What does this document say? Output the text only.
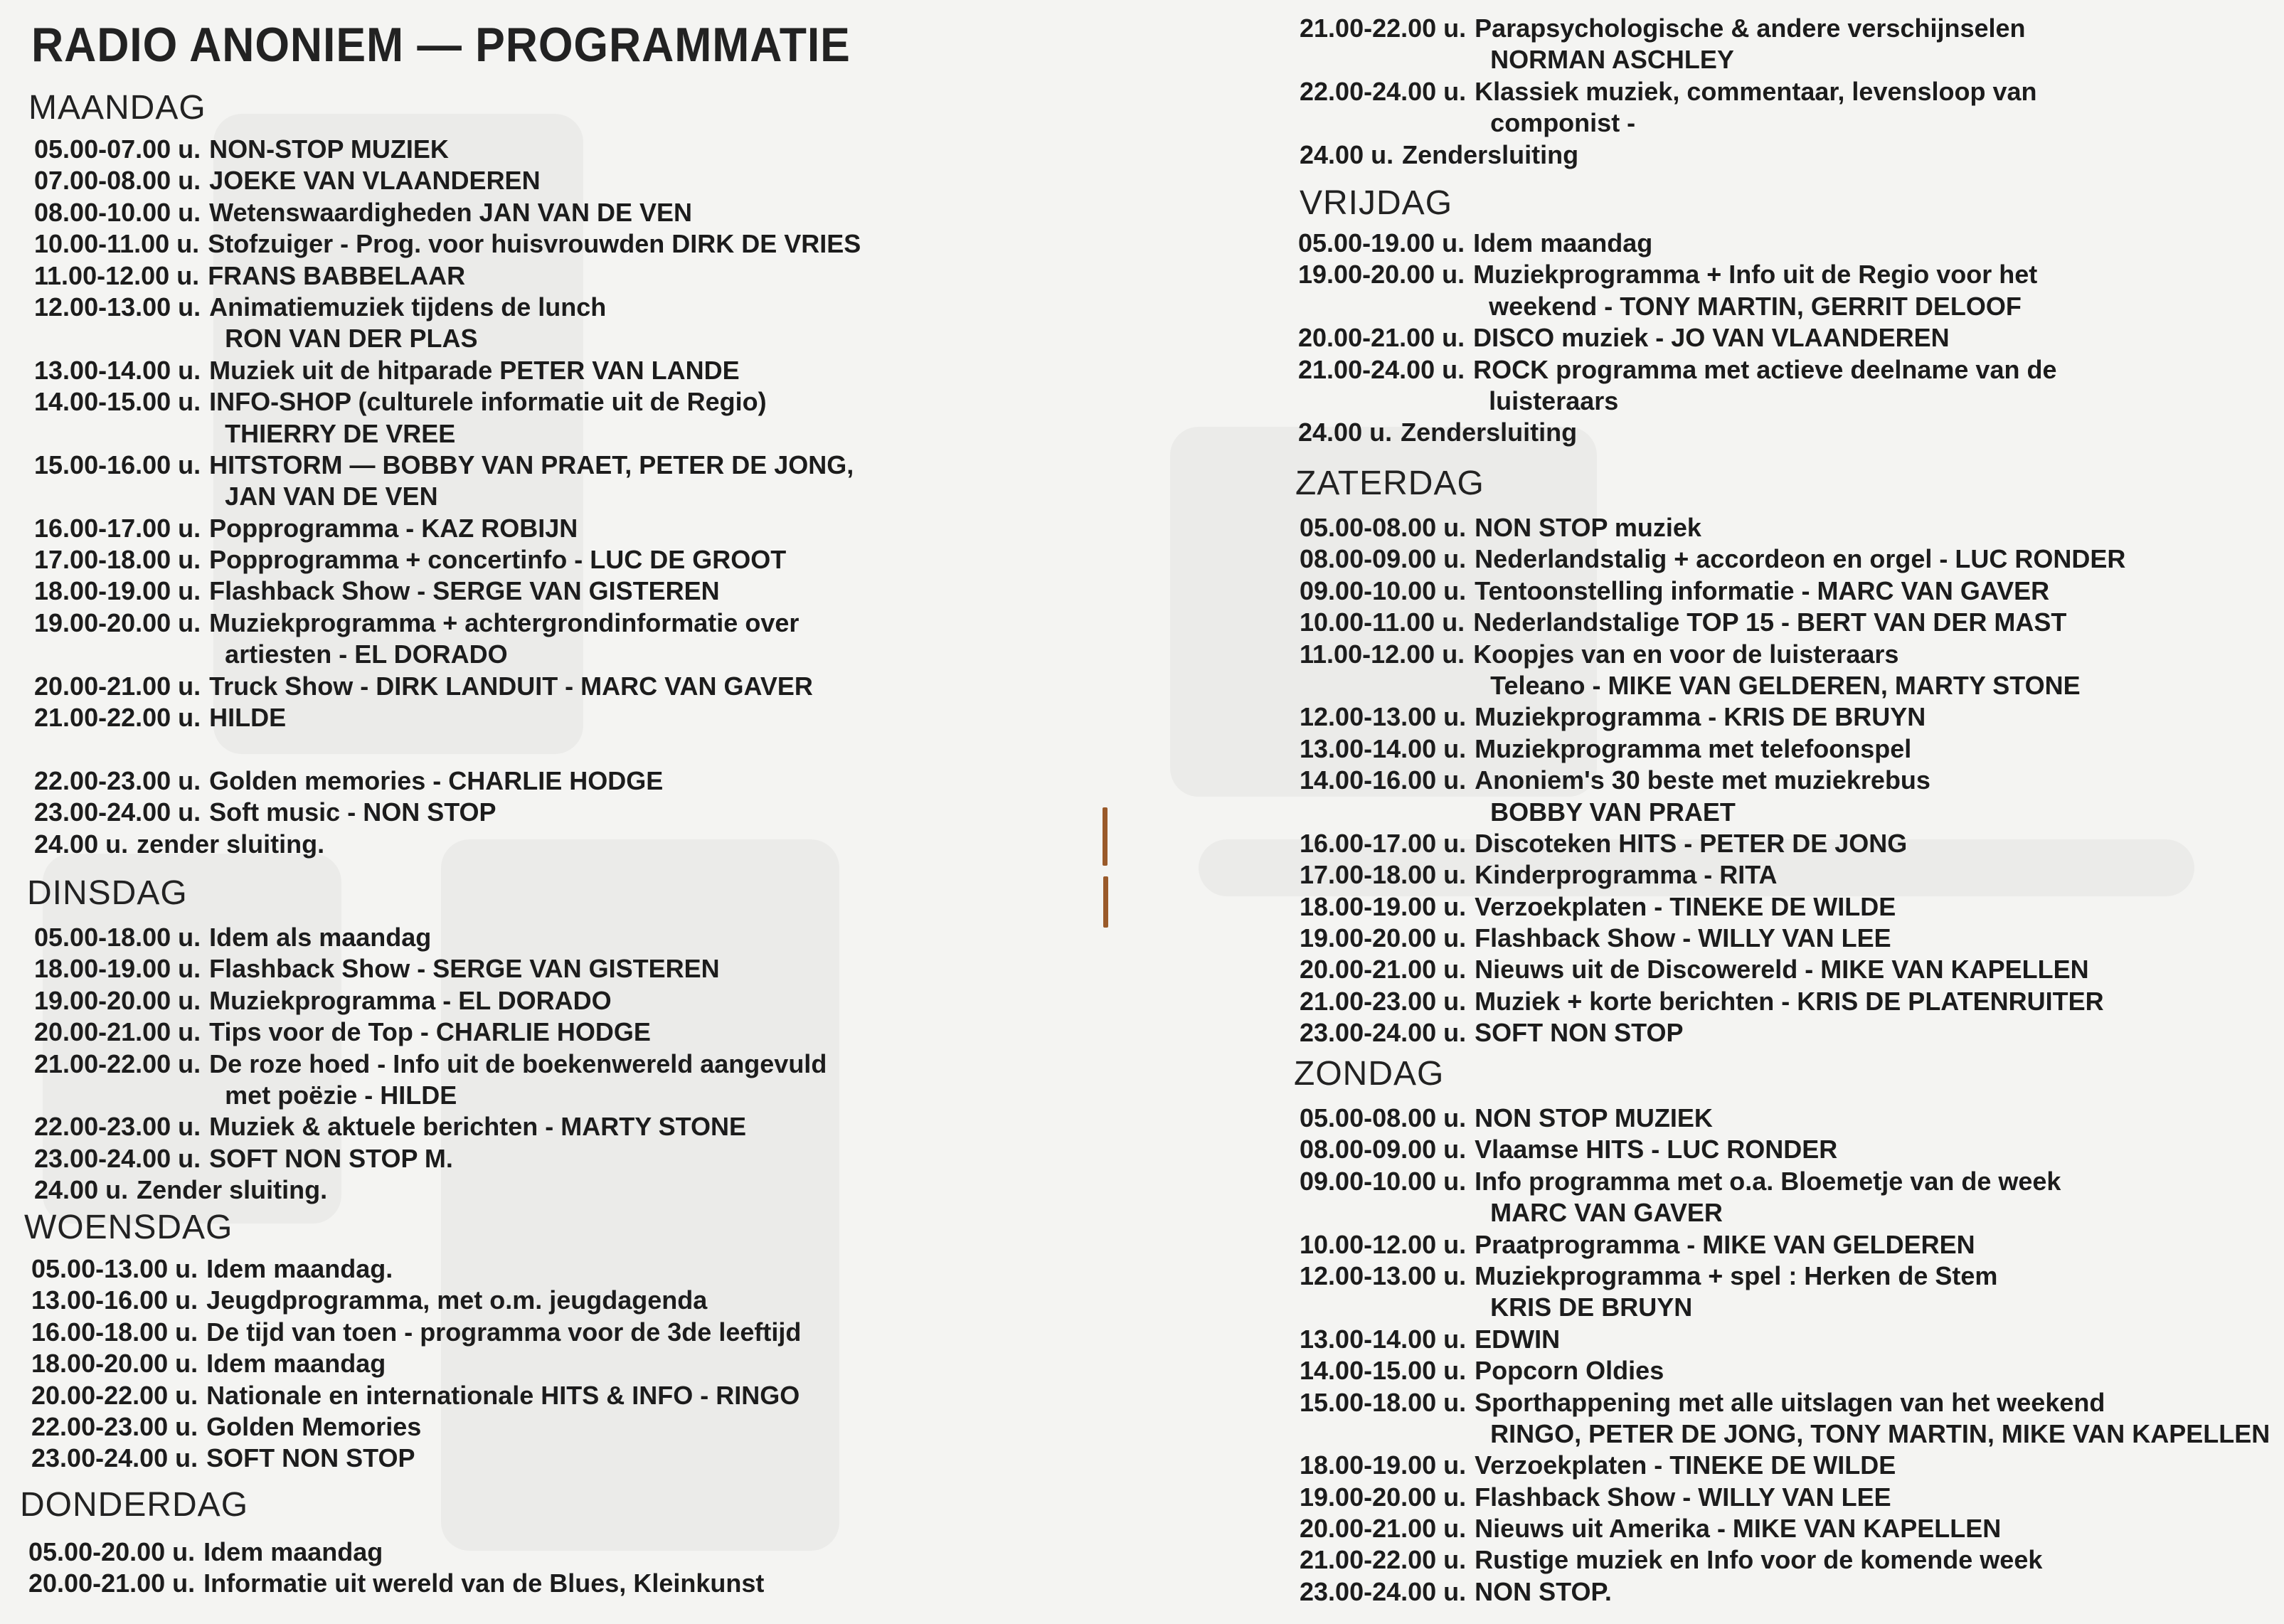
RADIO ANONIEM — PROGRAMMATIE
MAANDAG
05.00-07.00 u. NON-STOP MUZIEK
07.00-08.00 u. JOEKE VAN VLAANDEREN
08.00-10.00 u. Wetenswaardigheden JAN VAN DE VEN
10.00-11.00 u. Stofzuiger - Prog. voor huisvrouwden DIRK DE VRIES
11.00-12.00 u. FRANS BABBELAAR
12.00-13.00 u. Animatiemuziek tijdens de lunch
RON VAN DER PLAS
13.00-14.00 u. Muziek uit de hitparade PETER VAN LANDE
14.00-15.00 u. INFO-SHOP (culturele informatie uit de Regio)
THIERRY DE VREE
15.00-16.00 u. HITSTORM — BOBBY VAN PRAET, PETER DE JONG,
JAN VAN DE VEN
16.00-17.00 u. Popprogramma - KAZ ROBIJN
17.00-18.00 u. Popprogramma + concertinfo - LUC DE GROOT
18.00-19.00 u. Flashback Show - SERGE VAN GISTEREN
19.00-20.00 u. Muziekprogramma + achtergrondinformatie over
artiesten - EL DORADO
20.00-21.00 u. Truck Show - DIRK LANDUIT - MARC VAN GAVER
21.00-22.00 u. HILDE
22.00-23.00 u. Golden memories - CHARLIE HODGE
23.00-24.00 u. Soft music - NON STOP
24.00 u. zender sluiting.
DINSDAG
05.00-18.00 u. Idem als maandag
18.00-19.00 u. Flashback Show - SERGE VAN GISTEREN
19.00-20.00 u. Muziekprogramma - EL DORADO
20.00-21.00 u. Tips voor de Top - CHARLIE HODGE
21.00-22.00 u. De roze hoed - Info uit de boekenwereld aangevuld
met poëzie - HILDE
22.00-23.00 u. Muziek & aktuele berichten - MARTY STONE
23.00-24.00 u. SOFT NON STOP M.
24.00 u. Zender sluiting.
WOENSDAG
05.00-13.00 u. Idem maandag.
13.00-16.00 u. Jeugdprogramma, met o.m. jeugdagenda
16.00-18.00 u. De tijd van toen - programma voor de 3de leeftijd
18.00-20.00 u. Idem maandag
20.00-22.00 u. Nationale en internationale HITS & INFO - RINGO
22.00-23.00 u. Golden Memories
23.00-24.00 u. SOFT NON STOP
DONDERDAG
05.00-20.00 u. Idem maandag
20.00-21.00 u. Informatie uit wereld van de Blues, Kleinkunst
21.00-22.00 u. Parapsychologische & andere verschijnselen
NORMAN ASCHLEY
22.00-24.00 u. Klassiek muziek, commentaar, levensloop van
componist -
24.00 u. Zendersluiting
VRIJDAG
05.00-19.00 u. Idem maandag
19.00-20.00 u. Muziekprogramma + Info uit de Regio voor het
weekend - TONY MARTIN, GERRIT DELOOF
20.00-21.00 u. DISCO muziek - JO VAN VLAANDEREN
21.00-24.00 u. ROCK programma met actieve deelname van de
luisteraars
24.00 u. Zendersluiting
ZATERDAG
05.00-08.00 u. NON STOP muziek
08.00-09.00 u. Nederlandstalig + accordeon en orgel - LUC RONDER
09.00-10.00 u. Tentoonstelling informatie - MARC VAN GAVER
10.00-11.00 u. Nederlandstalige TOP 15 - BERT VAN DER MAST
11.00-12.00 u. Koopjes van en voor de luisteraars
Teleano - MIKE VAN GELDEREN, MARTY STONE
12.00-13.00 u. Muziekprogramma - KRIS DE BRUYN
13.00-14.00 u. Muziekprogramma met telefoonspel
14.00-16.00 u. Anoniem's 30 beste met muziekrebus
BOBBY VAN PRAET
16.00-17.00 u. Discoteken HITS - PETER DE JONG
17.00-18.00 u. Kinderprogramma - RITA
18.00-19.00 u. Verzoekplaten - TINEKE DE WILDE
19.00-20.00 u. Flashback Show - WILLY VAN LEE
20.00-21.00 u. Nieuws uit de Discowereld - MIKE VAN KAPELLEN
21.00-23.00 u. Muziek + korte berichten - KRIS DE PLATENRUITER
23.00-24.00 u. SOFT NON STOP
ZONDAG
05.00-08.00 u. NON STOP MUZIEK
08.00-09.00 u. Vlaamse HITS - LUC RONDER
09.00-10.00 u. Info programma met o.a. Bloemetje van de week
MARC VAN GAVER
10.00-12.00 u. Praatprogramma - MIKE VAN GELDEREN
12.00-13.00 u. Muziekprogramma + spel : Herken de Stem
KRIS DE BRUYN
13.00-14.00 u. EDWIN
14.00-15.00 u. Popcorn Oldies
15.00-18.00 u. Sporthappening met alle uitslagen van het weekend
RINGO, PETER DE JONG, TONY MARTIN, MIKE VAN KAPELLEN
18.00-19.00 u. Verzoekplaten - TINEKE DE WILDE
19.00-20.00 u. Flashback Show - WILLY VAN LEE
20.00-21.00 u. Nieuws uit Amerika - MIKE VAN KAPELLEN
21.00-22.00 u. Rustige muziek en Info voor de komende week
23.00-24.00 u. NON STOP.
